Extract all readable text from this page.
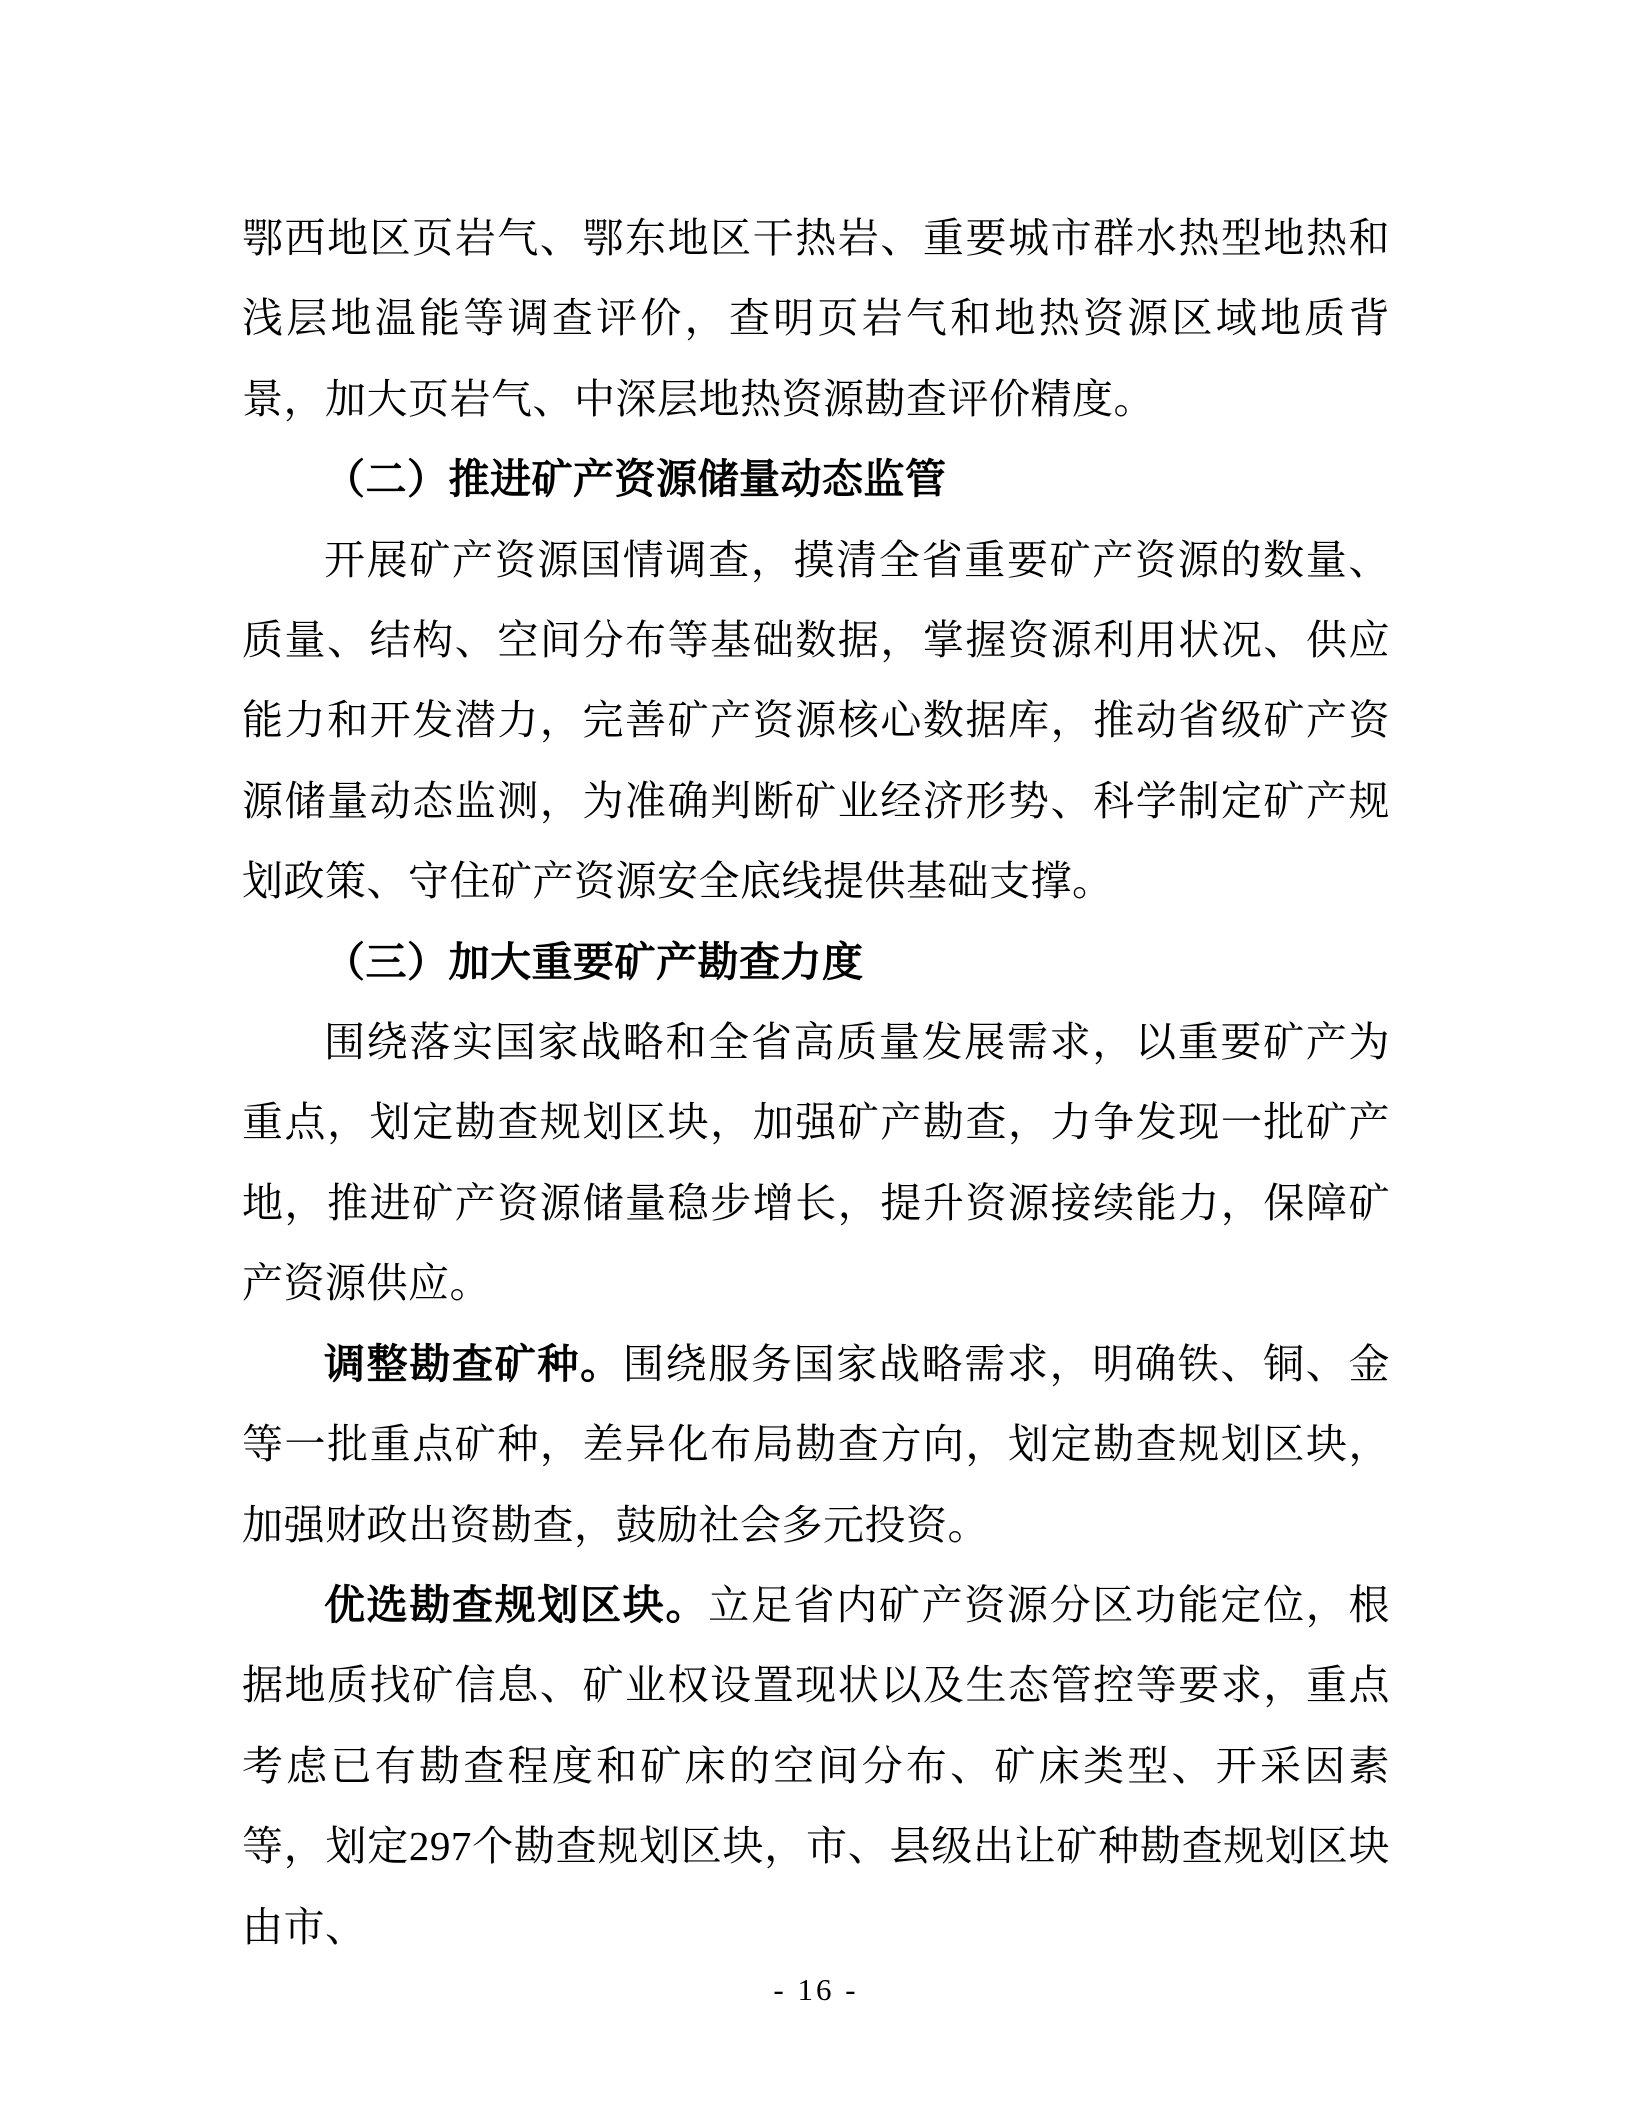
鄂西地区页岩气、鄂东地区干热岩、重要城市群水热型地热和浅层地温能等调查评价，查明页岩气和地热资源区域地质背景，加大页岩气、中深层地热资源勘查评价精度。

（二）推进矿产资源储量动态监管

开展矿产资源国情调查，摸清全省重要矿产资源的数量、质量、结构、空间分布等基础数据，掌握资源利用状况、供应能力和开发潜力，完善矿产资源核心数据库，推动省级矿产资源储量动态监测，为准确判断矿业经济形势、科学制定矿产规划政策、守住矿产资源安全底线提供基础支撑。

（三）加大重要矿产勘查力度

围绕落实国家战略和全省高质量发展需求，以重要矿产为重点，划定勘查规划区块，加强矿产勘查，力争发现一批矿产地，推进矿产资源储量稳步增长，提升资源接续能力，保障矿产资源供应。

调整勘查矿种。围绕服务国家战略需求，明确铁、铜、金等一批重点矿种，差异化布局勘查方向，划定勘查规划区块，加强财政出资勘查，鼓励社会多元投资。

优选勘查规划区块。立足省内矿产资源分区功能定位，根据地质找矿信息、矿业权设置现状以及生态管控等要求，重点考虑已有勘查程度和矿床的空间分布、矿床类型、开采因素等，划定297个勘查规划区块，市、县级出让矿种勘查规划区块由市、

- 16 -
